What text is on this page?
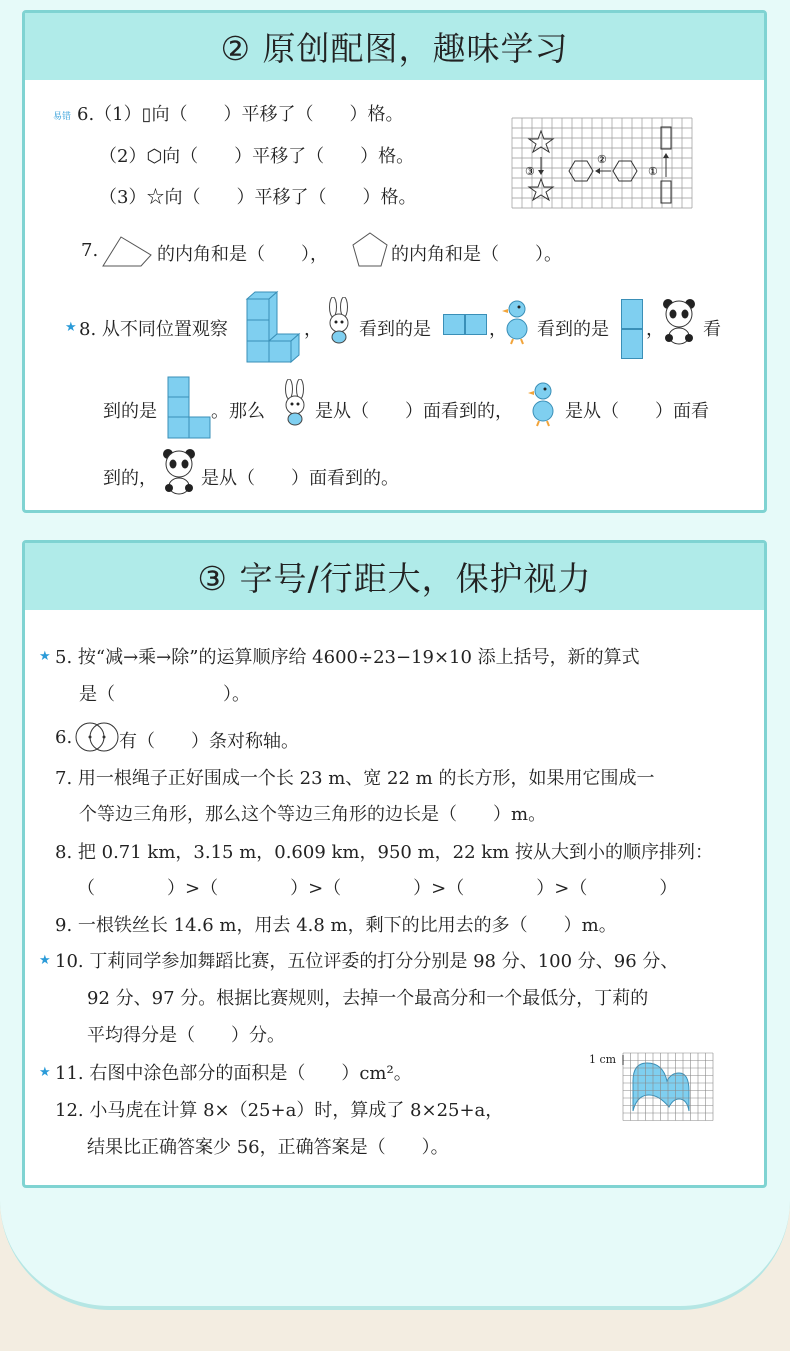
② 原创配图，趣味学习
易错 6.（1）▯向（　　）平移了（　　）格。
（2）⬡向（　　）平移了（　　）格。
（3）☆向（　　）平移了（　　）格。
①
②
③
7.	的内角和是（　　），	的内角和是（　　）。
★ 8. 从不同位置观察	， 看到的是	， 看到的是 ， 看
到的是	。那么	是从（　　）面看到的，	是从（　　）面看
到的， 是从（　　）面看到的。
③ 字号/行距大，保护视力
★ 5. 按“减→乘→除”的运算顺序给 4600÷23−19×10 添上括号，新的算式
是（　　　　　　）。
6.	有（　　）条对称轴。
7. 用一根绳子正好围成一个长 23 m、宽 22 m 的长方形，如果用它围成一
个等边三角形，那么这个等边三角形的边长是（　　）m。
8. 把 0.71 km，3.15 m，0.609 km，950 m，22 km 按从大到小的顺序排列：
（　　　　）>（　　　　）>（　　　　）>（　　　　）>（　　　　）
9. 一根铁丝长 14.6 m，用去 4.8 m，剩下的比用去的多（　　）m。
★ 10. 丁莉同学参加舞蹈比赛，五位评委的打分分别是 98 分、100 分、96 分、
92 分、97 分。根据比赛规则，去掉一个最高分和一个最低分，丁莉的
平均得分是（　　）分。
★ 11. 右图中涂色部分的面积是（　　）cm²。
12. 小马虎在计算 8×（25+a）时，算成了 8×25+a，
结果比正确答案少 56，正确答案是（　　）。
1 cm
